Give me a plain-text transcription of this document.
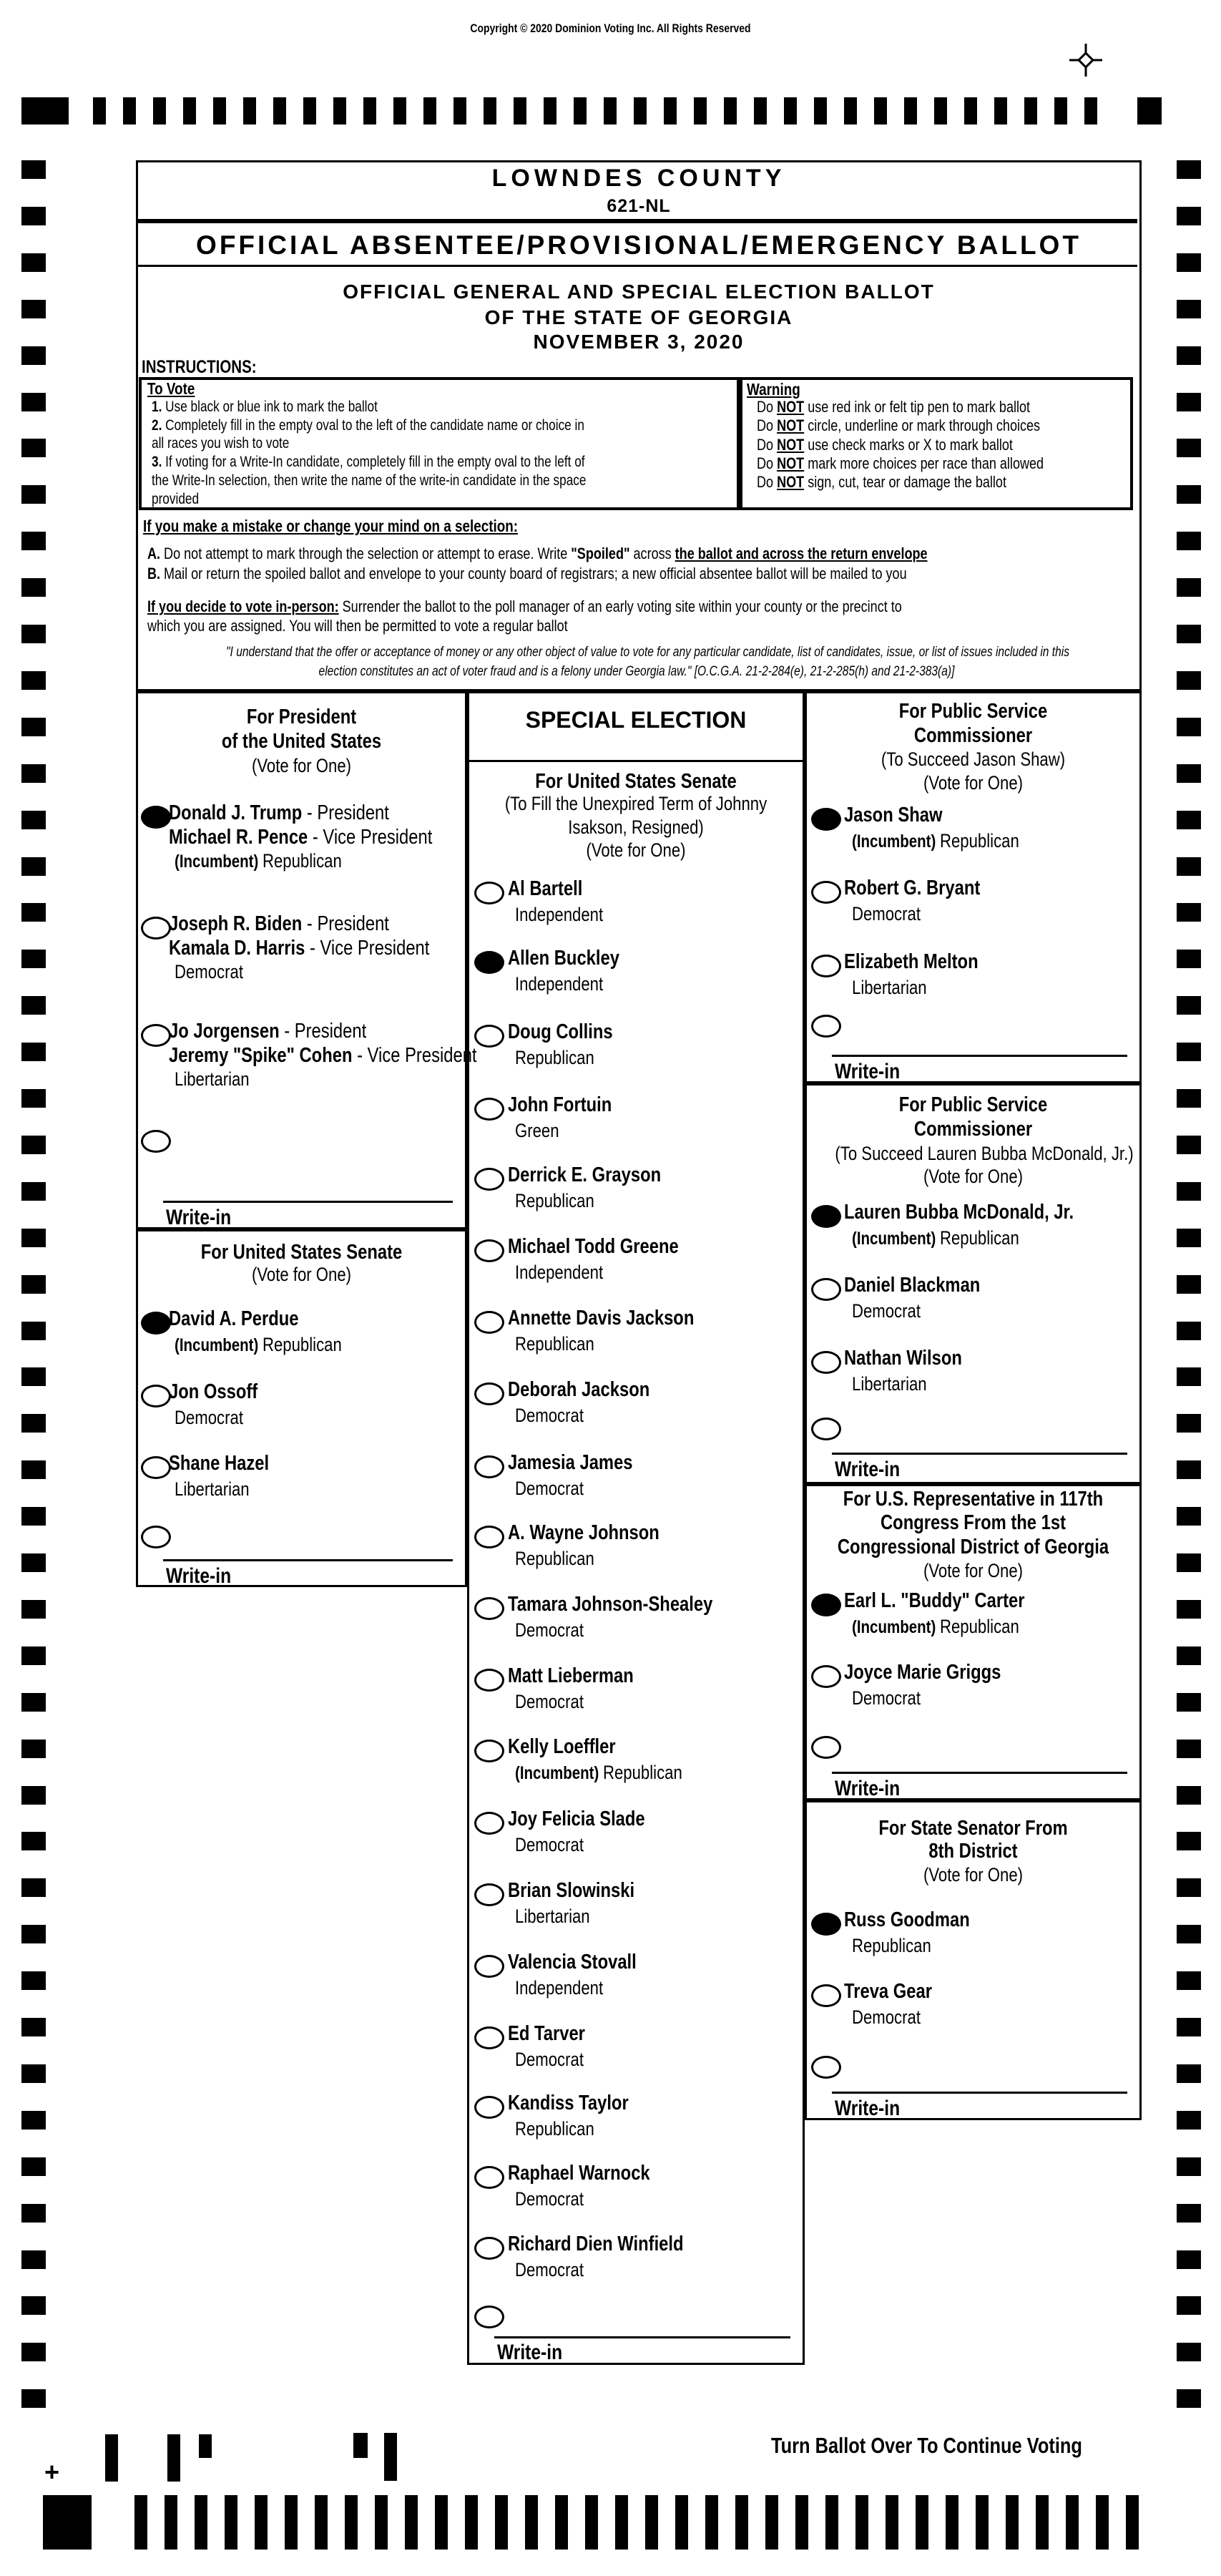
Copyright © 2020 Dominion Voting Inc. All Rights Reserved
LOWNDES COUNTY
621-NL
OFFICIAL ABSENTEE/PROVISIONAL/EMERGENCY BALLOT
OFFICIAL GENERAL AND SPECIAL ELECTION BALLOT
OF THE STATE OF GEORGIA
NOVEMBER 3, 2020
INSTRUCTIONS:
To Vote
1. Use black or blue ink to mark the ballot
2. Completely fill in the empty oval to the left of the candidate name or choice in
all races you wish to vote
3. If voting for a Write-In candidate, completely fill in the empty oval to the left of
the Write-In selection, then write the name of the write-in candidate in the space
provided
Warning
Do NOT use red ink or felt tip pen to mark ballot
Do NOT circle, underline or mark through choices
Do NOT use check marks or X to mark ballot
Do NOT mark more choices per race than allowed
Do NOT sign, cut, tear or damage the ballot
If you make a mistake or change your mind on a selection:
A. Do not attempt to mark through the selection or attempt to erase. Write "Spoiled" across the ballot and across the return envelope
B. Mail or return the spoiled ballot and envelope to your county board of registrars; a new official absentee ballot will be mailed to you
If you decide to vote in-person: Surrender the ballot to the poll manager of an early voting site within your county or the precinct to
which you are assigned. You will then be permitted to vote a regular ballot
"I understand that the offer or acceptance of money or any other object of value to vote for any particular candidate, list of candidates, issue, or list of issues included in this
election constitutes an act of voter fraud and is a felony under Georgia law." [O.C.G.A. 21-2-284(e), 21-2-285(h) and 21-2-383(a)]
For President
of the United States
(Vote for One)
Donald J. Trump - President
Michael R. Pence - Vice President
(Incumbent) Republican
Joseph R. Biden - President
Kamala D. Harris - Vice President
Democrat
Jo Jorgensen - President
Jeremy "Spike" Cohen - Vice President
Libertarian
Write-in
For United States Senate
(Vote for One)
David A. Perdue
(Incumbent) Republican
Jon Ossoff
Democrat
Shane Hazel
Libertarian
Write-in
SPECIAL ELECTION
For United States Senate
(To Fill the Unexpired Term of Johnny
Isakson, Resigned)
(Vote for One)
Al Bartell
Independent
Allen Buckley
Independent
Doug Collins
Republican
John Fortuin
Green
Derrick E. Grayson
Republican
Michael Todd Greene
Independent
Annette Davis Jackson
Republican
Deborah Jackson
Democrat
Jamesia James
Democrat
A. Wayne Johnson
Republican
Tamara Johnson-Shealey
Democrat
Matt Lieberman
Democrat
Kelly Loeffler
(Incumbent) Republican
Joy Felicia Slade
Democrat
Brian Slowinski
Libertarian
Valencia Stovall
Independent
Ed Tarver
Democrat
Kandiss Taylor
Republican
Raphael Warnock
Democrat
Richard Dien Winfield
Democrat
Write-in
For Public Service
Commissioner
(To Succeed Jason Shaw)
(Vote for One)
Jason Shaw
(Incumbent) Republican
Robert G. Bryant
Democrat
Elizabeth Melton
Libertarian
Write-in
For Public Service
Commissioner
(To Succeed Lauren Bubba McDonald, Jr.)
(Vote for One)
Lauren Bubba McDonald, Jr.
(Incumbent) Republican
Daniel Blackman
Democrat
Nathan Wilson
Libertarian
Write-in
For U.S. Representative in 117th
Congress From the 1st
Congressional District of Georgia
(Vote for One)
Earl L. "Buddy" Carter
(Incumbent) Republican
Joyce Marie Griggs
Democrat
Write-in
For State Senator From
8th District
(Vote for One)
Russ Goodman
Republican
Treva Gear
Democrat
Write-in
Turn Ballot Over To Continue Voting
+
26
